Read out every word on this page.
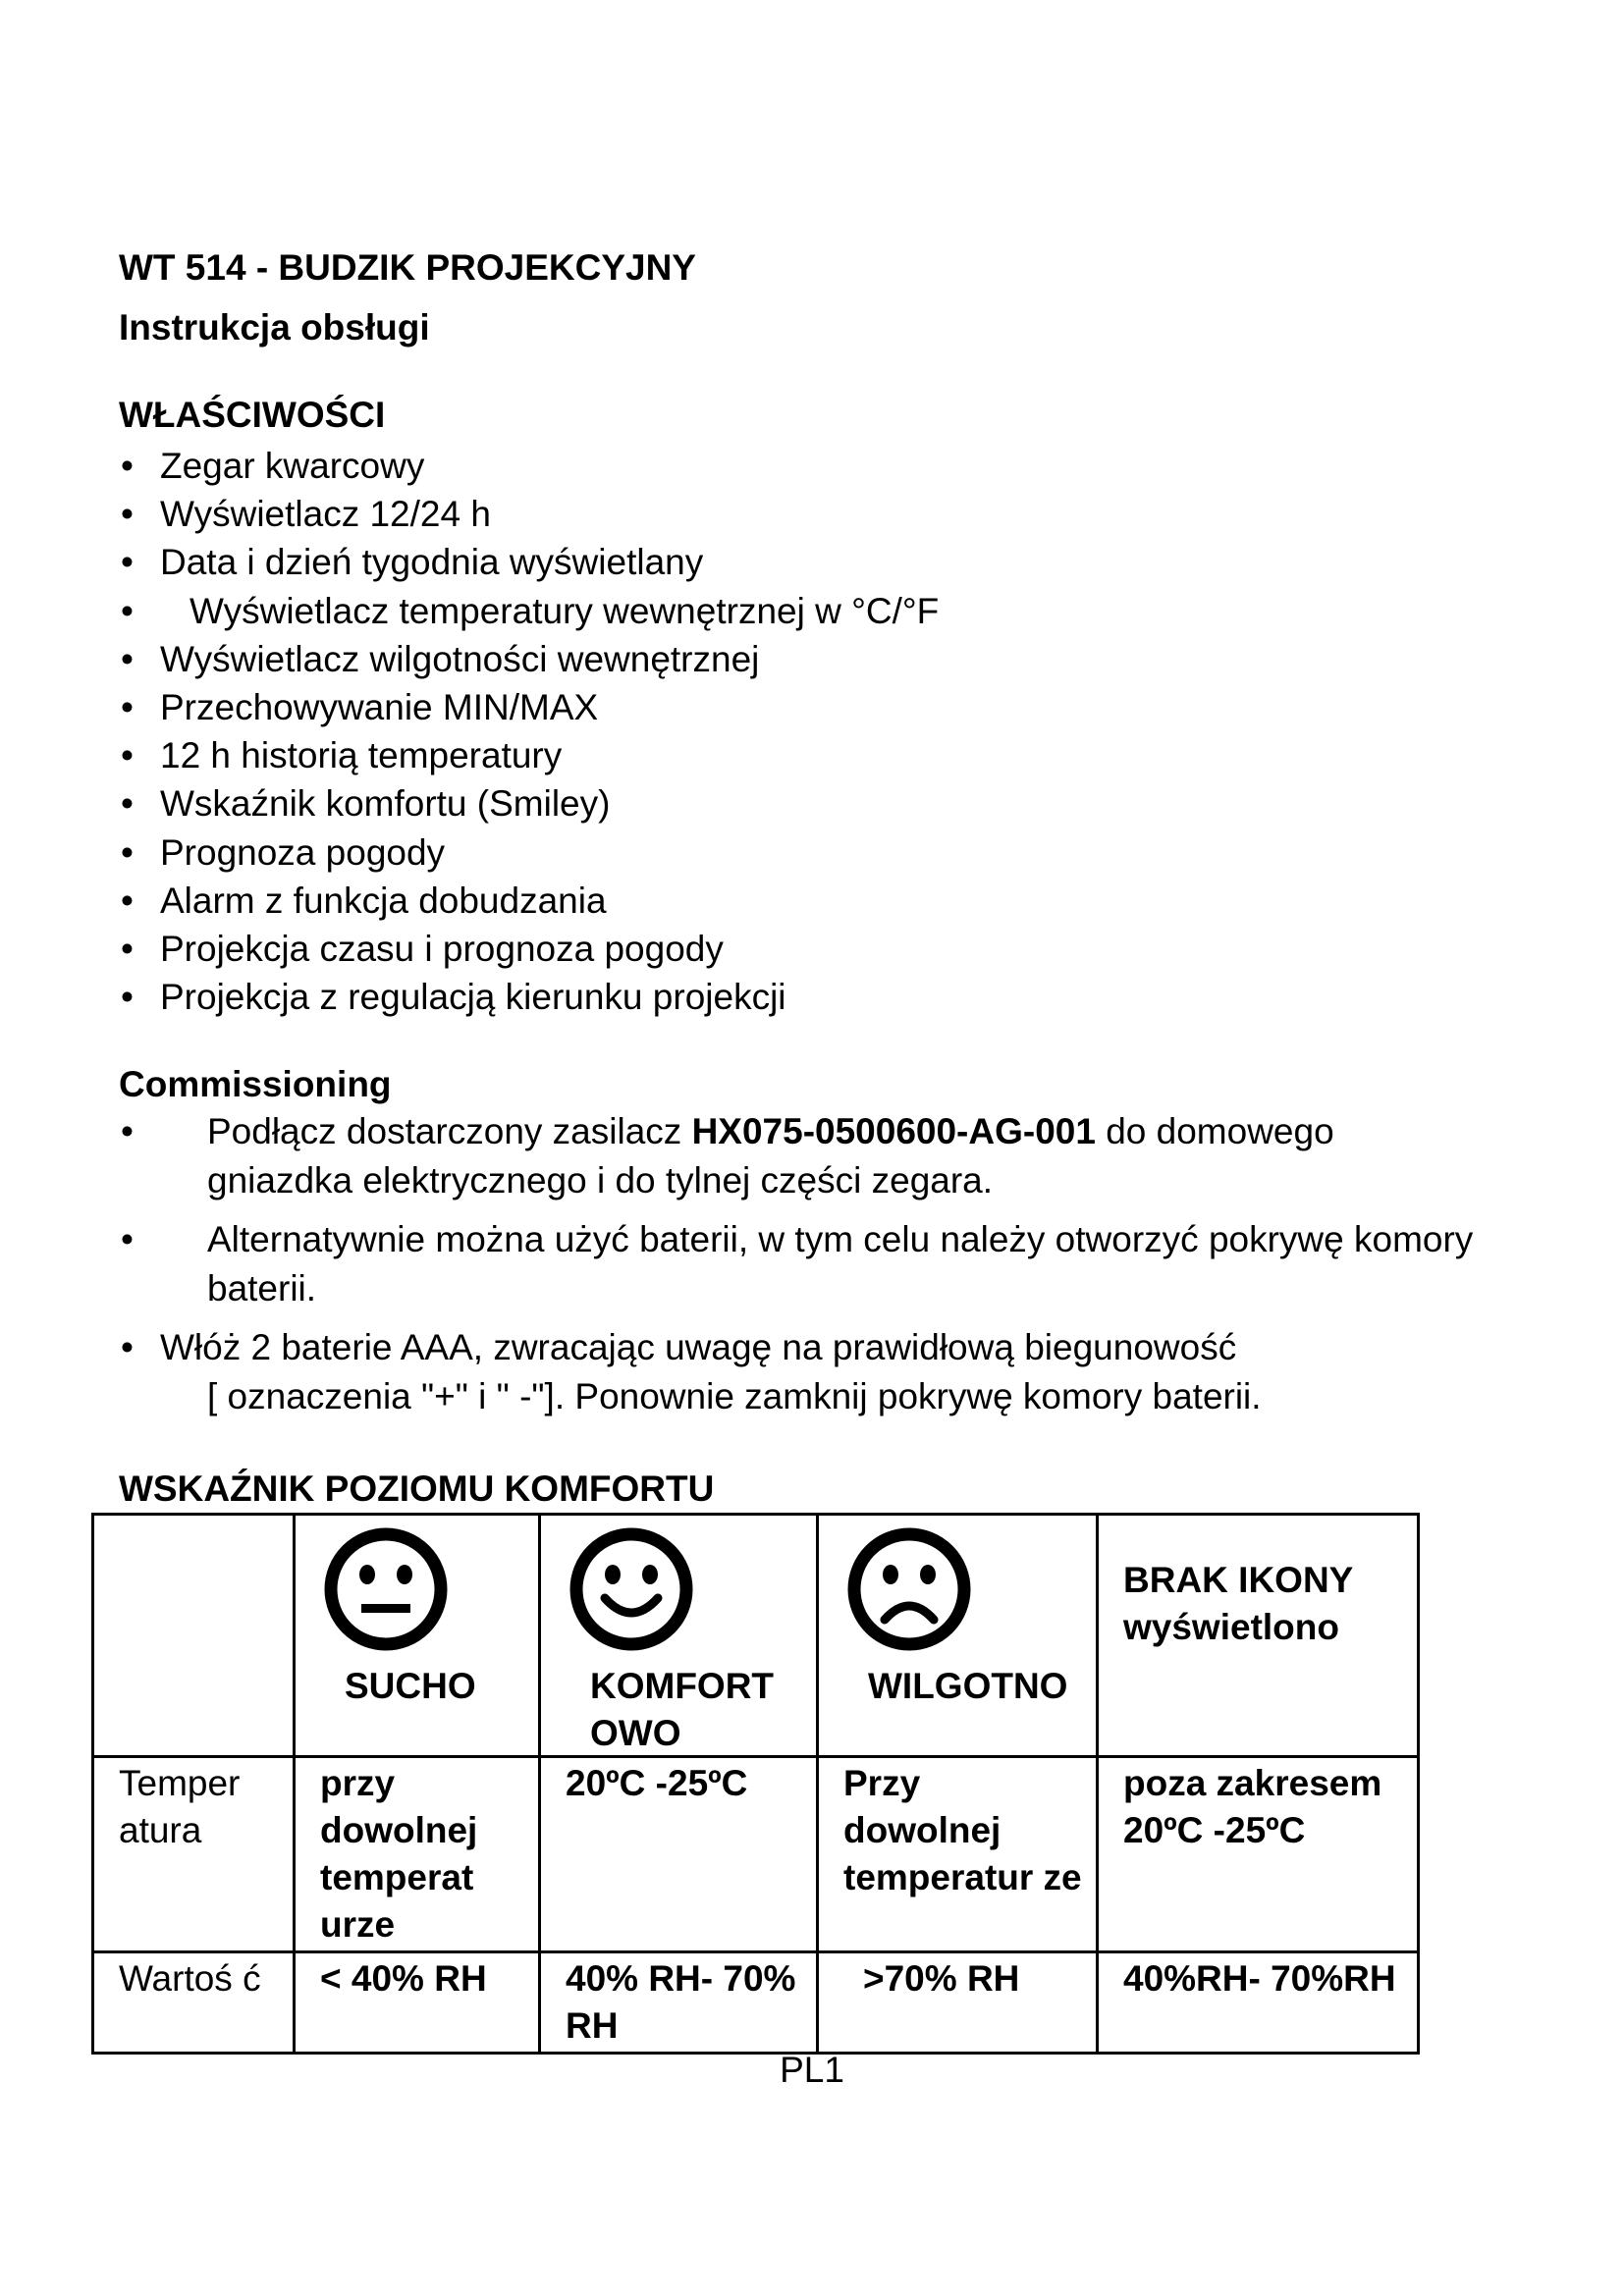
WT 514 - BUDZIK PROJEKCYJNY
Instrukcja obsługi
WŁAŚCIWOŚCI
• Zegar kwarcowy
• Wyświetlacz 12/24 h
• Data i dzień tygodnia wyświetlany
• Wyświetlacz temperatury wewnętrznej w °C/°F
• Wyświetlacz wilgotności wewnętrznej
• Przechowywanie MIN/MAX
• 12 h historią temperatury
• Wskaźnik komfortu (Smiley)
• Prognoza pogody
• Alarm z funkcja dobudzania
• Projekcja czasu i prognoza pogody
• Projekcja z regulacją kierunku projekcji
Commissioning
• Podłącz dostarczony zasilacz HX075-0500600-AG-001 do domowego gniazdka elektrycznego i do tylnej części zegara.
• Alternatywnie można użyć baterii, w tym celu należy otworzyć pokrywę komory baterii.
• Włóż 2 baterie AAA, zwracając uwagę na prawidłową biegunowość
[ oznaczenia "+" i " -"]. Ponownie zamknij pokrywę komory baterii.
WSKAŹNIK POZIOMU KOMFORTU

	SUCHO	KOMFORT OWO	WILGOTNO	BRAK IKONY wyświetlono

Temper atura	przy dowolnej temperat urze	20ºC -25ºC	Przy dowolnej temperatur ze	poza zakresem 20ºC -25ºC
Wartoś ć	< 40% RH	40% RH- 70% RH	>70% RH	40%RH- 70%RH
PL1
